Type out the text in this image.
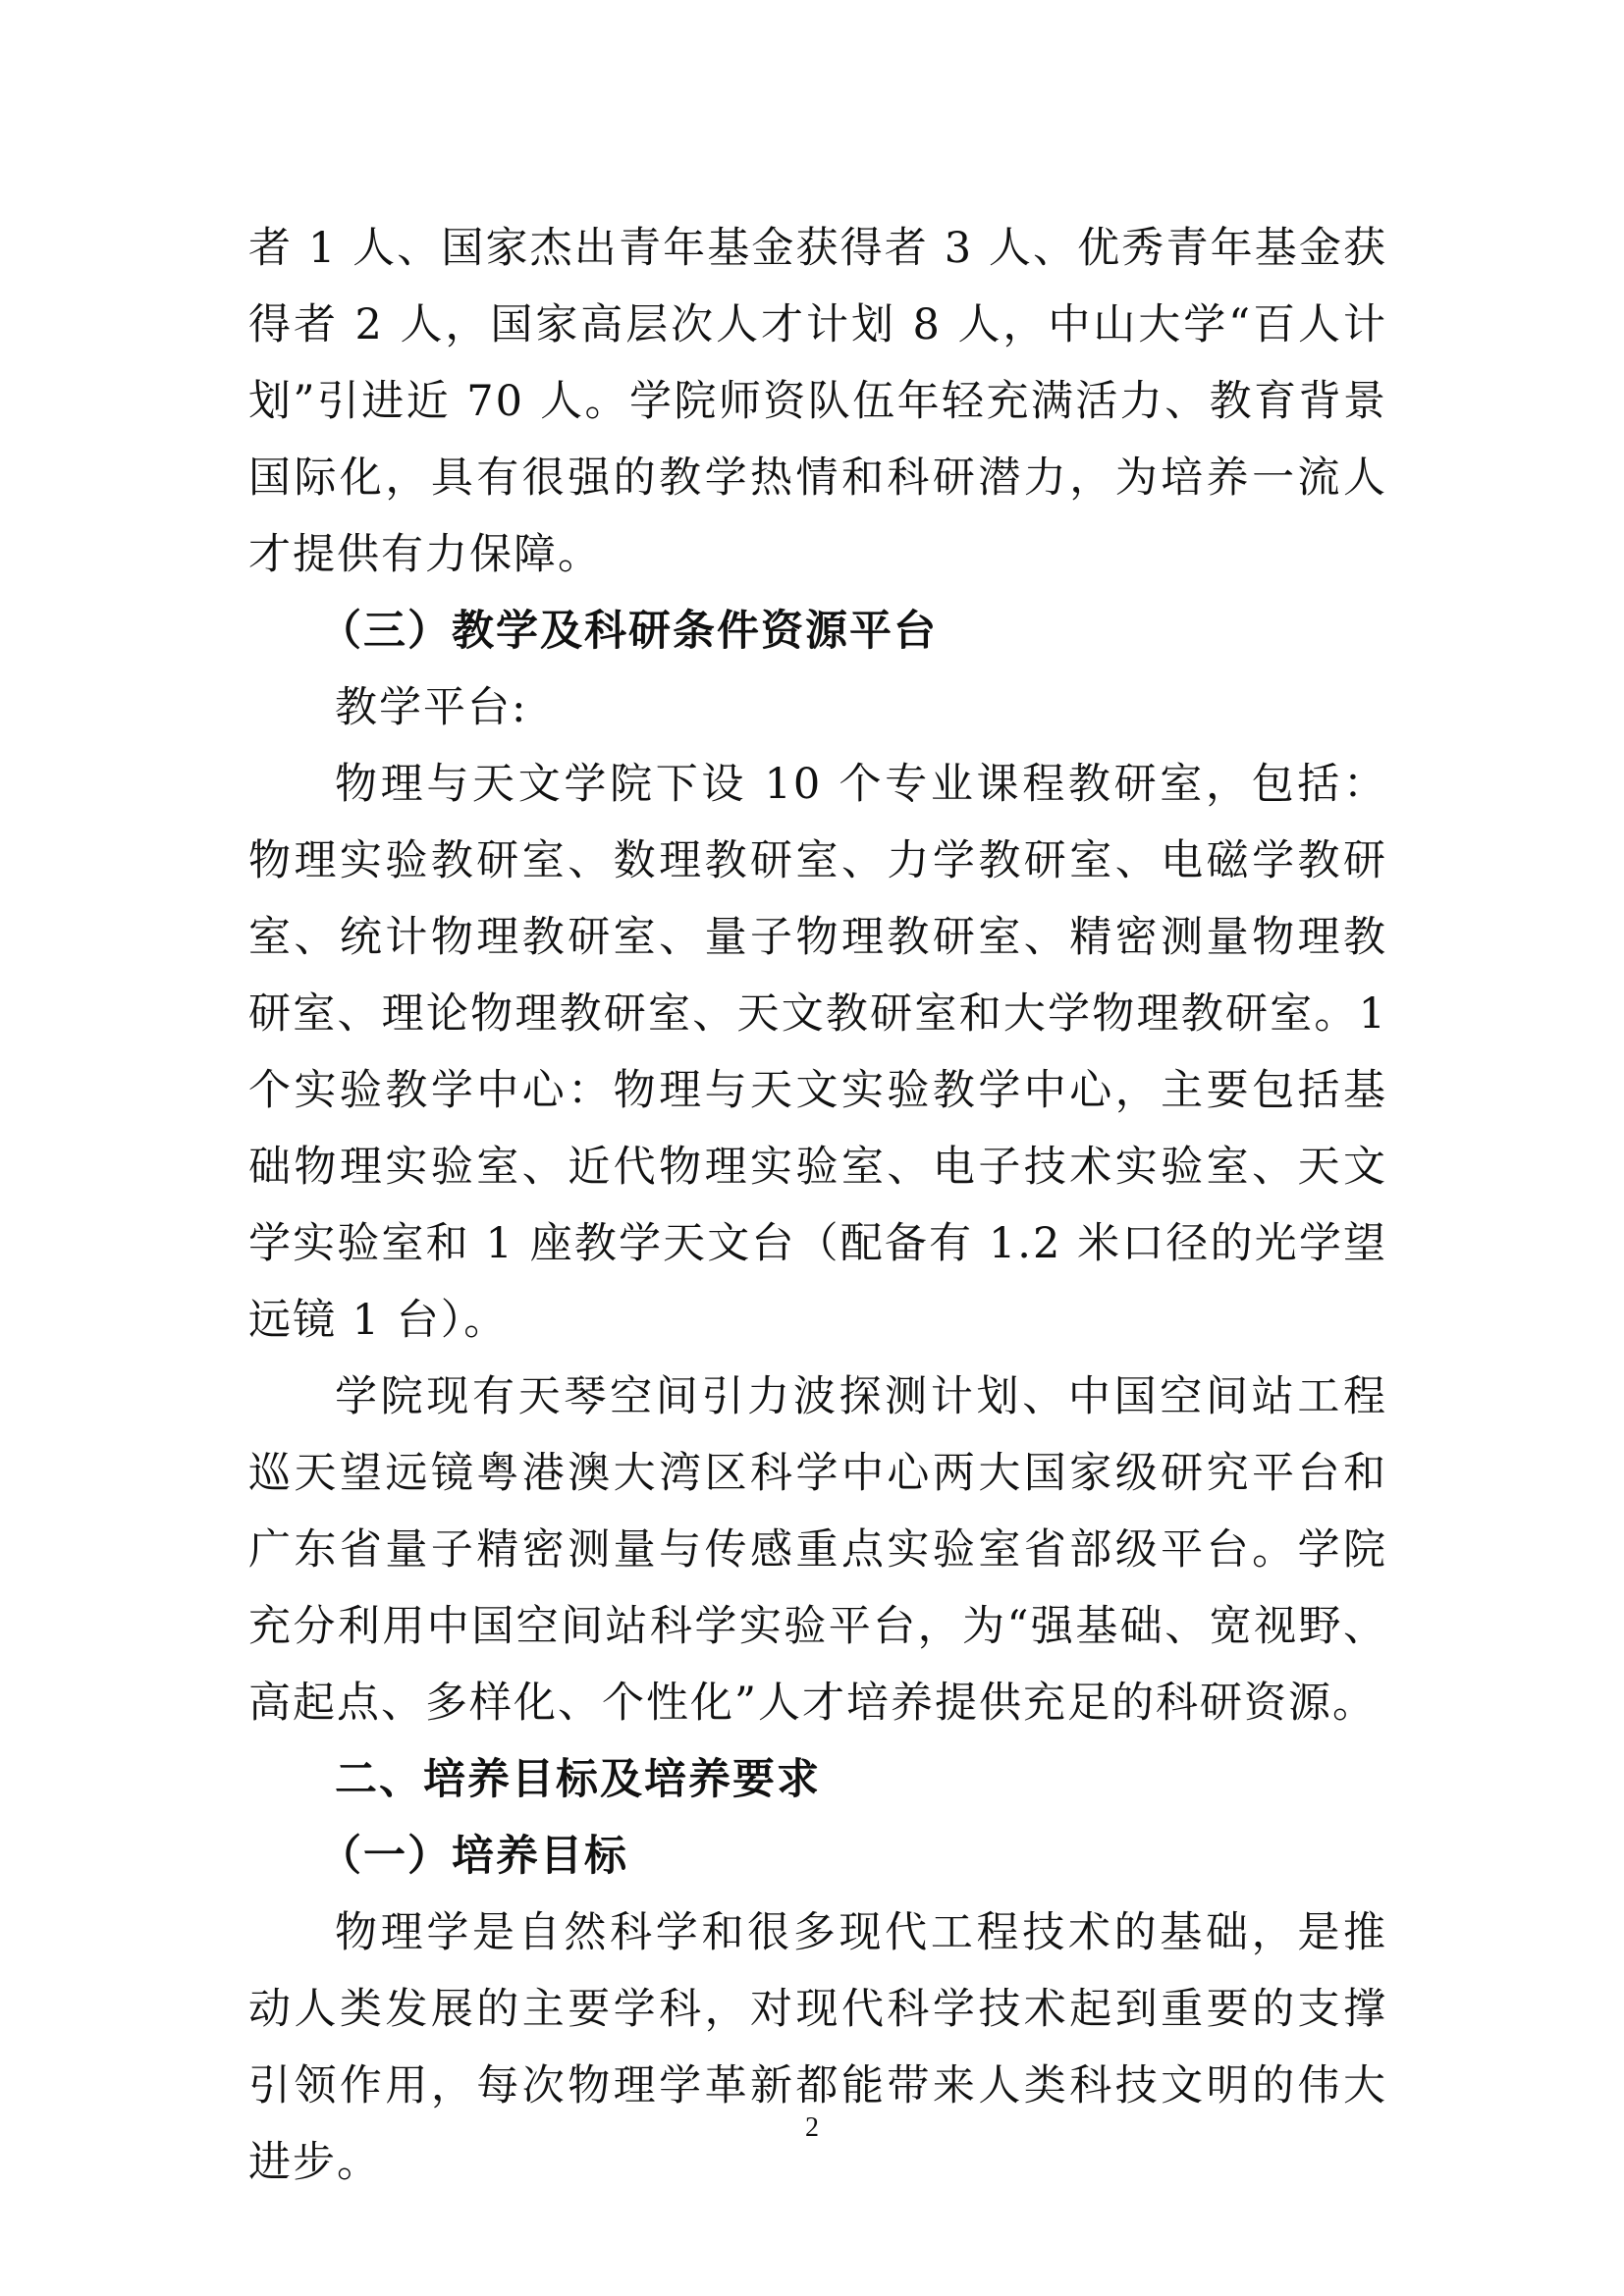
者 1 人、国家杰出青年基金获得者 3 人、优秀青年基金获得者 2 人，国家高层次人才计划 8 人，中山大学“百人计划”引进近 70 人。学院师资队伍年轻充满活力、教育背景国际化，具有很强的教学热情和科研潜力，为培养一流人才提供有力保障。

（三）教学及科研条件资源平台

教学平台:

物理与天文学院下设 10 个专业课程教研室，包括：物理实验教研室、数理教研室、力学教研室、电磁学教研室、统计物理教研室、量子物理教研室、精密测量物理教研室、理论物理教研室、天文教研室和大学物理教研室。1 个实验教学中心：物理与天文实验教学中心，主要包括基础物理实验室、近代物理实验室、电子技术实验室、天文学实验室和 1 座教学天文台（配备有 1.2 米口径的光学望远镜 1 台）。

学院现有天琴空间引力波探测计划、中国空间站工程巡天望远镜粤港澳大湾区科学中心两大国家级研究平台和广东省量子精密测量与传感重点实验室省部级平台。学院充分利用中国空间站科学实验平台，为“强基础、宽视野、高起点、多样化、个性化”人才培养提供充足的科研资源。

二、培养目标及培养要求
（一）培养目标

物理学是自然科学和很多现代工程技术的基础，是推动人类发展的主要学科，对现代科学技术起到重要的支撑引领作用，每次物理学革新都能带来人类科技文明的伟大进步。

2
